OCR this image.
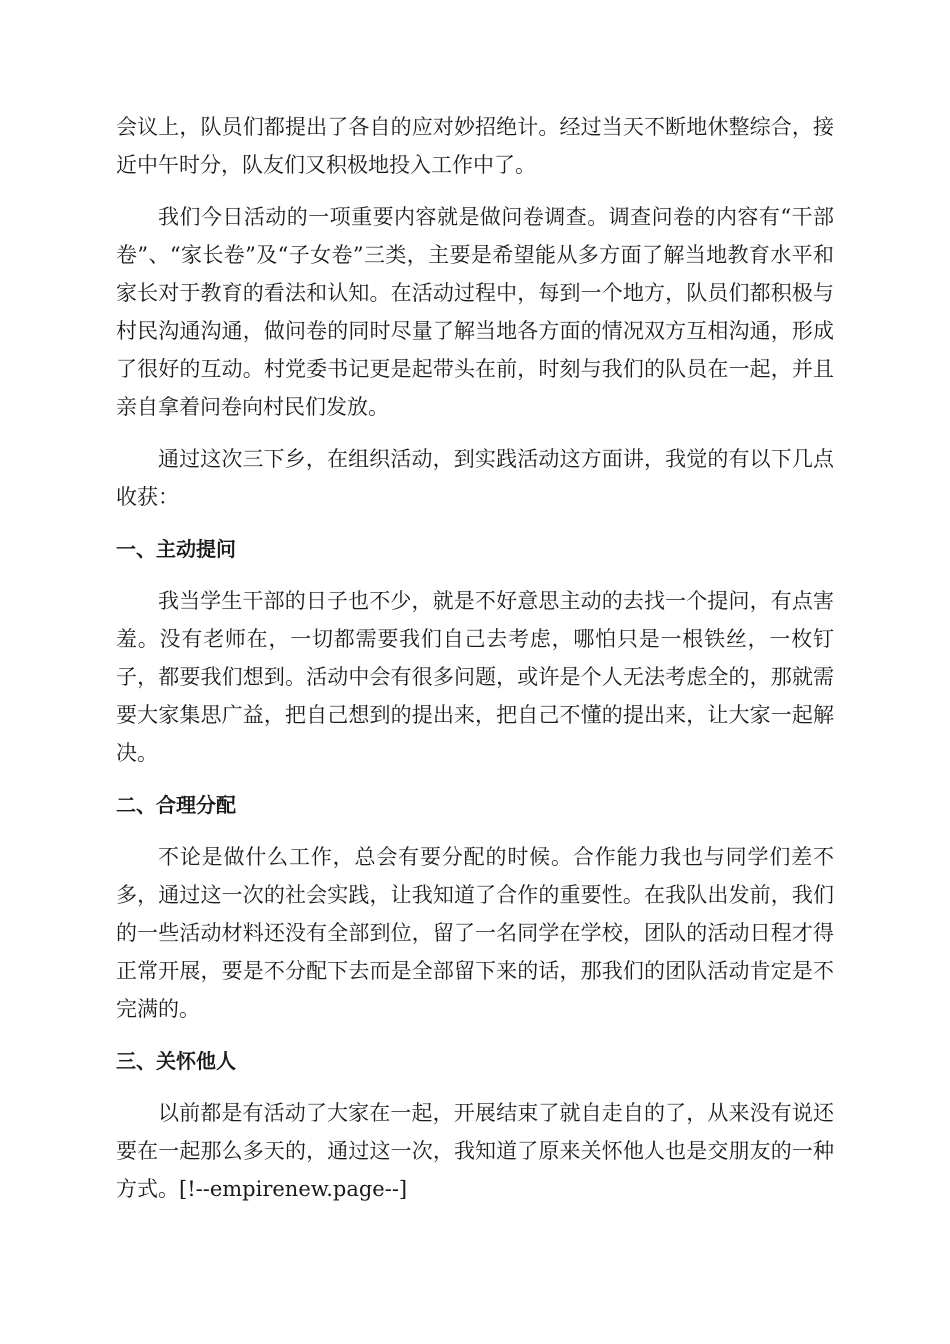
会议上，队员们都提出了各自的应对妙招绝计。经过当天不断地休整综合，接近中午时分，队友们又积极地投入工作中了。

我们今日活动的一项重要内容就是做问卷调查。调查问卷的内容有“干部卷”、“家长卷”及“子女卷”三类，主要是希望能从多方面了解当地教育水平和家长对于教育的看法和认知。在活动过程中，每到一个地方，队员们都积极与村民沟通沟通，做问卷的同时尽量了解当地各方面的情况双方互相沟通，形成了很好的互动。村党委书记更是起带头在前，时刻与我们的队员在一起，并且亲自拿着问卷向村民们发放。

通过这次三下乡，在组织活动，到实践活动这方面讲，我觉的有以下几点收获：

一、主动提问

我当学生干部的日子也不少，就是不好意思主动的去找一个提问，有点害羞。没有老师在，一切都需要我们自己去考虑，哪怕只是一根铁丝，一枚钉子，都要我们想到。活动中会有很多问题，或许是个人无法考虑全的，那就需要大家集思广益，把自己想到的提出来，把自己不懂的提出来，让大家一起解决。

二、合理分配

不论是做什么工作，总会有要分配的时候。合作能力我也与同学们差不多，通过这一次的社会实践，让我知道了合作的重要性。在我队出发前，我们的一些活动材料还没有全部到位，留了一名同学在学校，团队的活动日程才得正常开展，要是不分配下去而是全部留下来的话，那我们的团队活动肯定是不完满的。

三、关怀他人

以前都是有活动了大家在一起，开展结束了就自走自的了，从来没有说还要在一起那么多天的，通过这一次，我知道了原来关怀他人也是交朋友的一种方式。[!--empirenew.page--]
